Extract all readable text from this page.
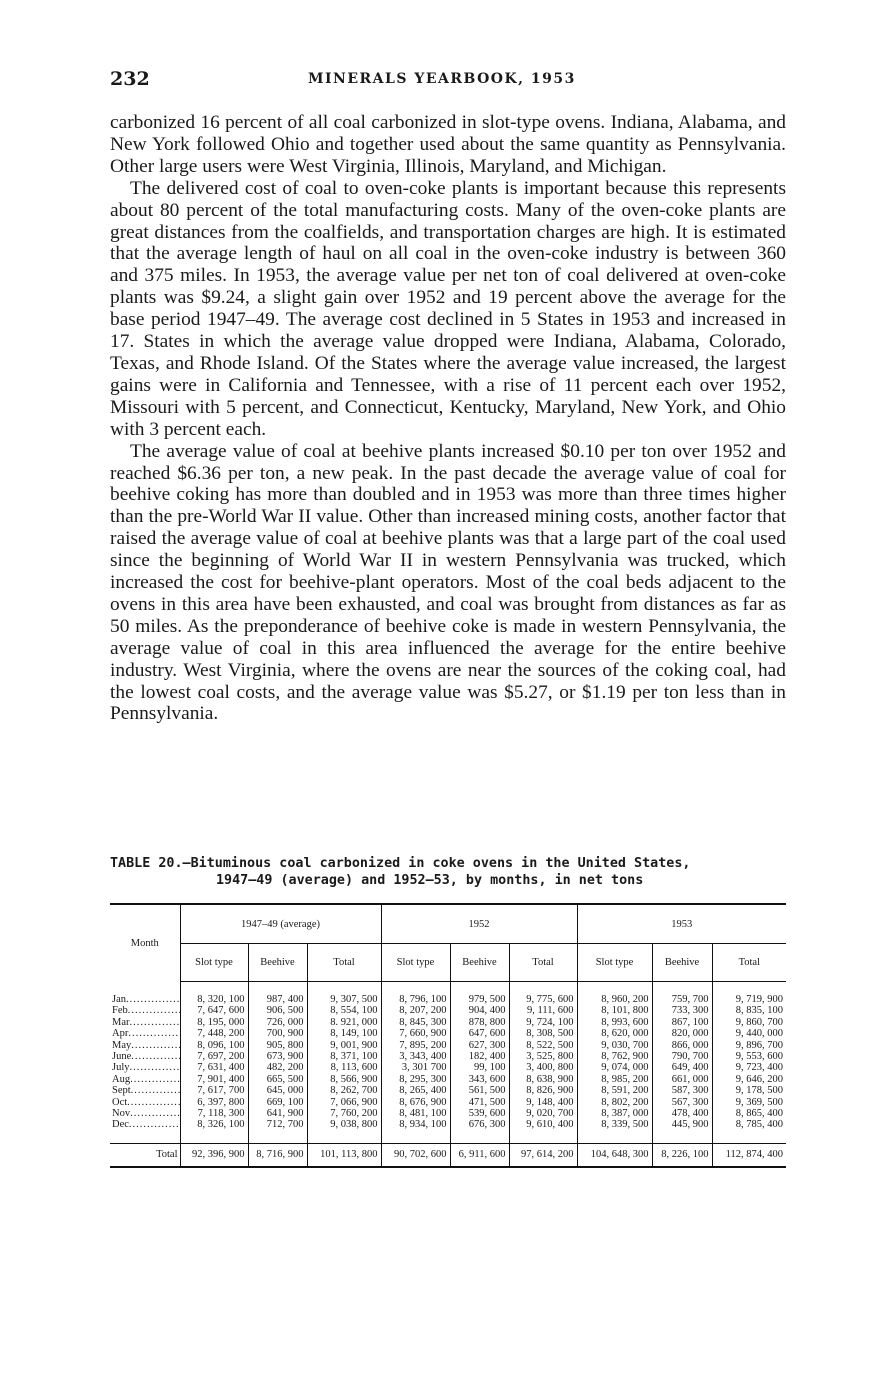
232	MINERALS YEARBOOK, 1953

carbonized 16 percent of all coal carbonized in slot-type ovens. Indiana, Alabama, and New York followed Ohio and together used about the same quantity as Pennsylvania. Other large users were West Virginia, Illinois, Maryland, and Michigan.

The delivered cost of coal to oven-coke plants is important because this represents about 80 percent of the total manufacturing costs. Many of the oven-coke plants are great distances from the coalfields, and transportation charges are high. It is estimated that the average length of haul on all coal in the oven-coke industry is between 360 and 375 miles. In 1953, the average value per net ton of coal delivered at oven-coke plants was $9.24, a slight gain over 1952 and 19 percent above the average for the base period 1947–49. The average cost declined in 5 States in 1953 and increased in 17. States in which the average value dropped were Indiana, Alabama, Colorado, Texas, and Rhode Island. Of the States where the average value increased, the largest gains were in California and Tennessee, with a rise of 11 percent each over 1952, Missouri with 5 percent, and Connecticut, Kentucky, Maryland, New York, and Ohio with 3 percent each.

The average value of coal at beehive plants increased $0.10 per ton over 1952 and reached $6.36 per ton, a new peak. In the past decade the average value of coal for beehive coking has more than doubled and in 1953 was more than three times higher than the pre-World War II value. Other than increased mining costs, another factor that raised the average value of coal at beehive plants was that a large part of the coal used since the beginning of World War II in western Pennsylvania was trucked, which increased the cost for beehive-plant operators. Most of the coal beds adjacent to the ovens in this area have been exhausted, and coal was brought from distances as far as 50 miles. As the preponderance of beehive coke is made in western Pennsylvania, the average value of coal in this area influenced the average for the entire beehive industry. West Virginia, where the ovens are near the sources of the coking coal, had the lowest coal costs, and the average value was $5.27, or $1.19 per ton less than in Pennsylvania.

TABLE 20.—Bituminous coal carbonized in coke ovens in the United States,
1947–49 (average) and 1952–53, by months, in net tons
Month	1947–49 (average)			1952			1953		
	Slot type	Beehive	Total	Slot type	Beehive	Total	Slot type	Beehive	Total

Jan .....	8, 320, 100	987, 400	9, 307, 500	8, 796, 100	979, 500	9, 775, 600	8, 960, 200	759, 700	9, 719, 900
Feb .....	7, 647, 600	906, 500	8, 554, 100	8, 207, 200	904, 400	9, 111, 600	8, 101, 800	733, 300	8, 835, 100
Mar .....	8, 195, 000	726, 000	8. 921, 000	8, 845, 300	878, 800	9, 724, 100	8, 993, 600	867, 100	9, 860, 700
Apr .....	7, 448, 200	700, 900	8, 149, 100	7, 660, 900	647, 600	8, 308, 500	8, 620, 000	820, 000	9, 440, 000
May .....	8, 096, 100	905, 800	9, 001, 900	7, 895, 200	627, 300	8, 522, 500	9, 030, 700	866, 000	9, 896, 700
June .....	7, 697, 200	673, 900	8, 371, 100	3, 343, 400	182, 400	3, 525, 800	8, 762, 900	790, 700	9, 553, 600
July .....	7, 631, 400	482, 200	8, 113, 600	3, 301 700	99, 100	3, 400, 800	9, 074, 000	649, 400	9, 723, 400
Aug .....	7, 901, 400	665, 500	8, 566, 900	8, 295, 300	343, 600	8, 638, 900	8, 985, 200	661, 000	9, 646, 200
Sept .....	7, 617, 700	645, 000	8, 262, 700	8, 265, 400	561, 500	8, 826, 900	8, 591, 200	587, 300	9, 178, 500
Oct .....	6, 397, 800	669, 100	7, 066, 900	8, 676, 900	471, 500	9, 148, 400	8, 802, 200	567, 300	9, 369, 500
Nov .....	7, 118, 300	641, 900	7, 760, 200	8, 481, 100	539, 600	9, 020, 700	8, 387, 000	478, 400	8, 865, 400
Dec .....	8, 326, 100	712, 700	9, 038, 800	8, 934, 100	676, 300	9, 610, 400	8, 339, 500	445, 900	8, 785, 400

Total	92, 396, 900	8, 716, 900	101, 113, 800	90, 702, 600	6, 911, 600	97, 614, 200	104, 648, 300	8, 226, 100	112, 874, 400
